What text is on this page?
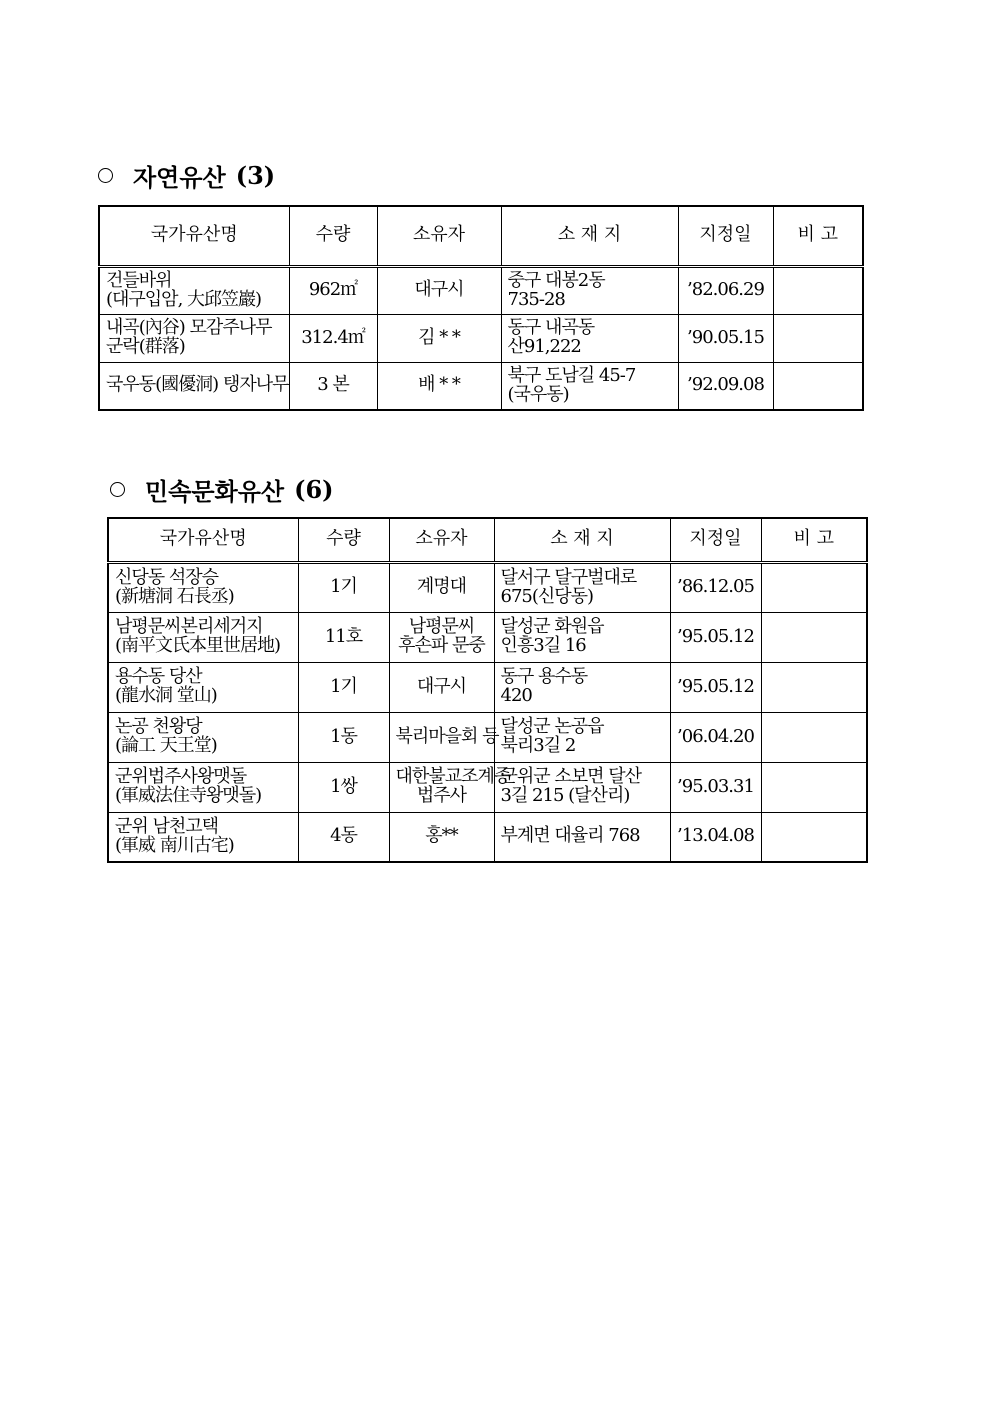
자연유산 (3)
국가유산명	수량	소유자	소 재 지	지정일	비 고

건들바위
(대구입암, 大邱笠巖)	962㎡	대구시	중구 대봉2동
735-28	’82.06.29	

내곡(內谷) 모감주나무
군락(群落)	312.4㎡	김 * *	동구 내곡동
산91,222	’90.05.15	

국우동(國優洞) 탱자나무	3 본	배 * *	북구 도남길 45-7
(국우동)	’92.09.08	
민속문화유산 (6)
국가유산명	수량	소유자	소 재 지	지정일	비 고

신당동 석장승
(新塘洞 石長丞)	1기	계명대	달서구 달구벌대로
675(신당동)	’86.12.05	

남평문씨본리세거지
(南平文氏本里世居地)	11호	남평문씨
후손파 문중	달성군 화원읍
인흥3길 16	’95.05.12	

용수동 당산
(龍水洞 堂山)	1기	대구시	동구 용수동
420	’95.05.12	

논공 천왕당
(論工 天王堂)	1동	북리마을회 등	달성군 논공읍
북리3길 2	’06.04.20	

군위법주사왕맷돌
(軍威法住寺왕맷돌)	1쌍	대한불교조계종
법주사	군위군 소보면 달산
3길 215 (달산리)	’95.03.31	

군위 남천고택
(軍威 南川古宅)	4동	홍**	부계면 대율리 768	’13.04.08	
